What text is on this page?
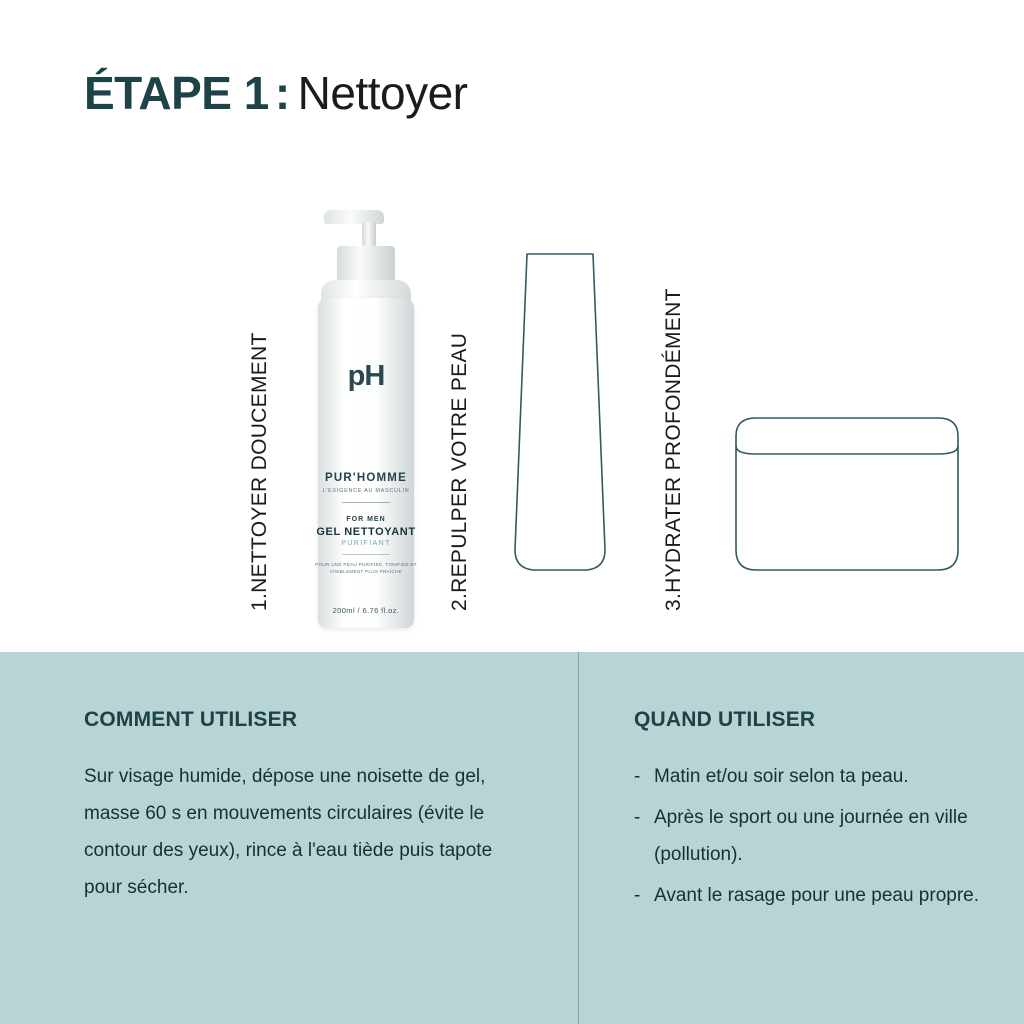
ÉTAPE 1 : Nettoyer
1.NETTOYER DOUCEMENT	2.REPULPER VOTRE PEAU	3.HYDRATER PROFONDÉMENT
pH
PUR'HOMME
L'EXIGENCE AU MASCULIN
FOR MEN
GEL NETTOYANT
PURIFIANT
POUR UNE PEAU PURIFIÉE, TONIFIÉE ET VISIBLEMENT PLUS FRAÎCHE
200ml / 6.76 fl.oz.
COMMENT UTILISER
Sur visage humide, dépose une noisette de gel, masse 60 s en mouvements circulaires (évite le contour des yeux), rince à l'eau tiède puis tapote pour sécher.
QUAND UTILISER
- Matin et/ou soir selon ta peau.
- Après le sport ou une journée en ville (pollution).
- Avant le rasage pour une peau propre.
